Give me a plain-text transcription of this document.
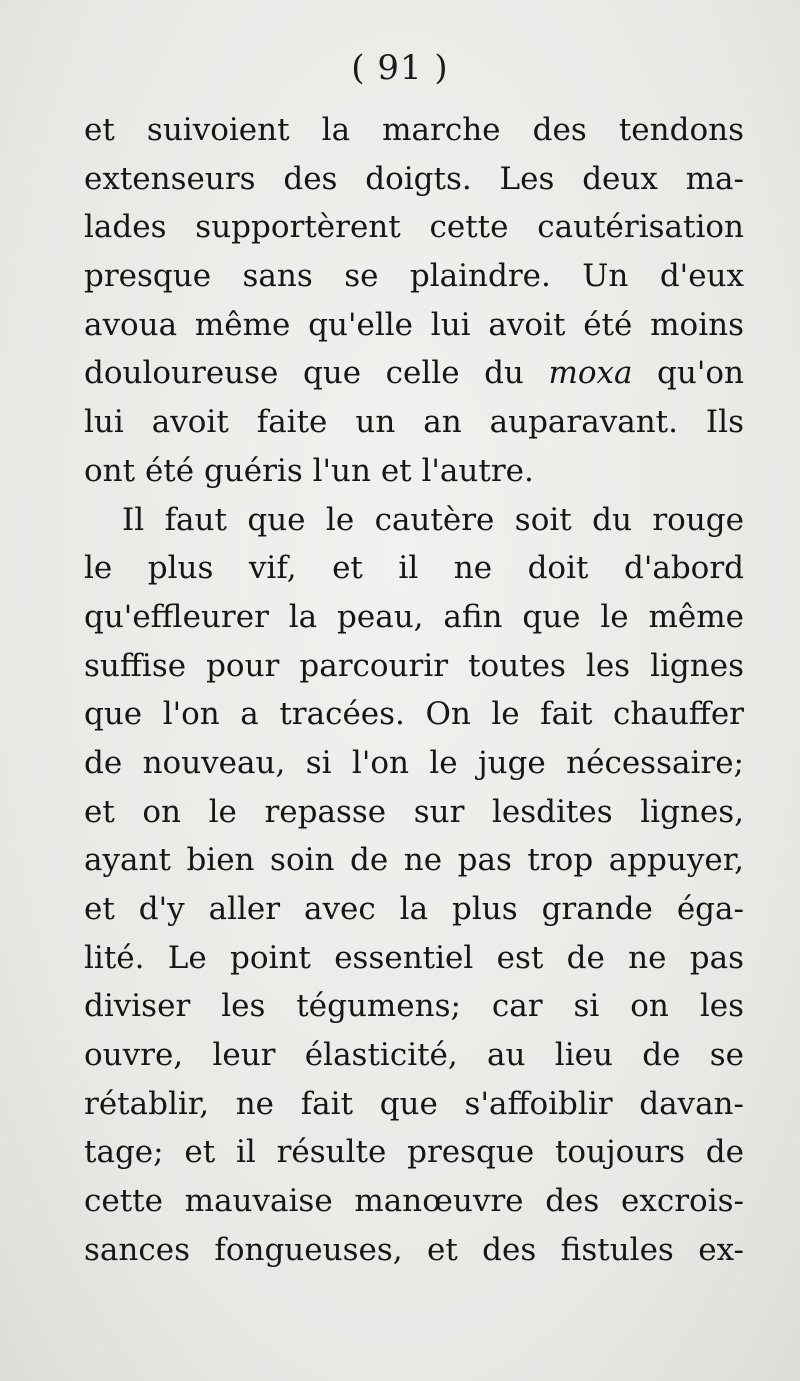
( 91 )
et suivoient la marche des tendons
extenseurs des doigts. Les deux ma-
lades supportèrent cette cautérisation
presque sans se plaindre. Un d'eux
avoua même qu'elle lui avoit été moins
douloureuse que celle du moxa qu'on
lui avoit faite un an auparavant. Ils
ont été guéris l'un et l'autre.
Il faut que le cautère soit du rouge
le plus vif, et il ne doit d'abord
qu'effleurer la peau, afin que le même
suffise pour parcourir toutes les lignes
que l'on a tracées. On le fait chauffer
de nouveau, si l'on le juge nécessaire;
et on le repasse sur lesdites lignes,
ayant bien soin de ne pas trop appuyer,
et d'y aller avec la plus grande éga-
lité. Le point essentiel est de ne pas
diviser les tégumens; car si on les
ouvre, leur élasticité, au lieu de se
rétablir, ne fait que s'affoiblir davan-
tage; et il résulte presque toujours de
cette mauvaise manœuvre des excrois-
sances fongueuses, et des fistules ex-
